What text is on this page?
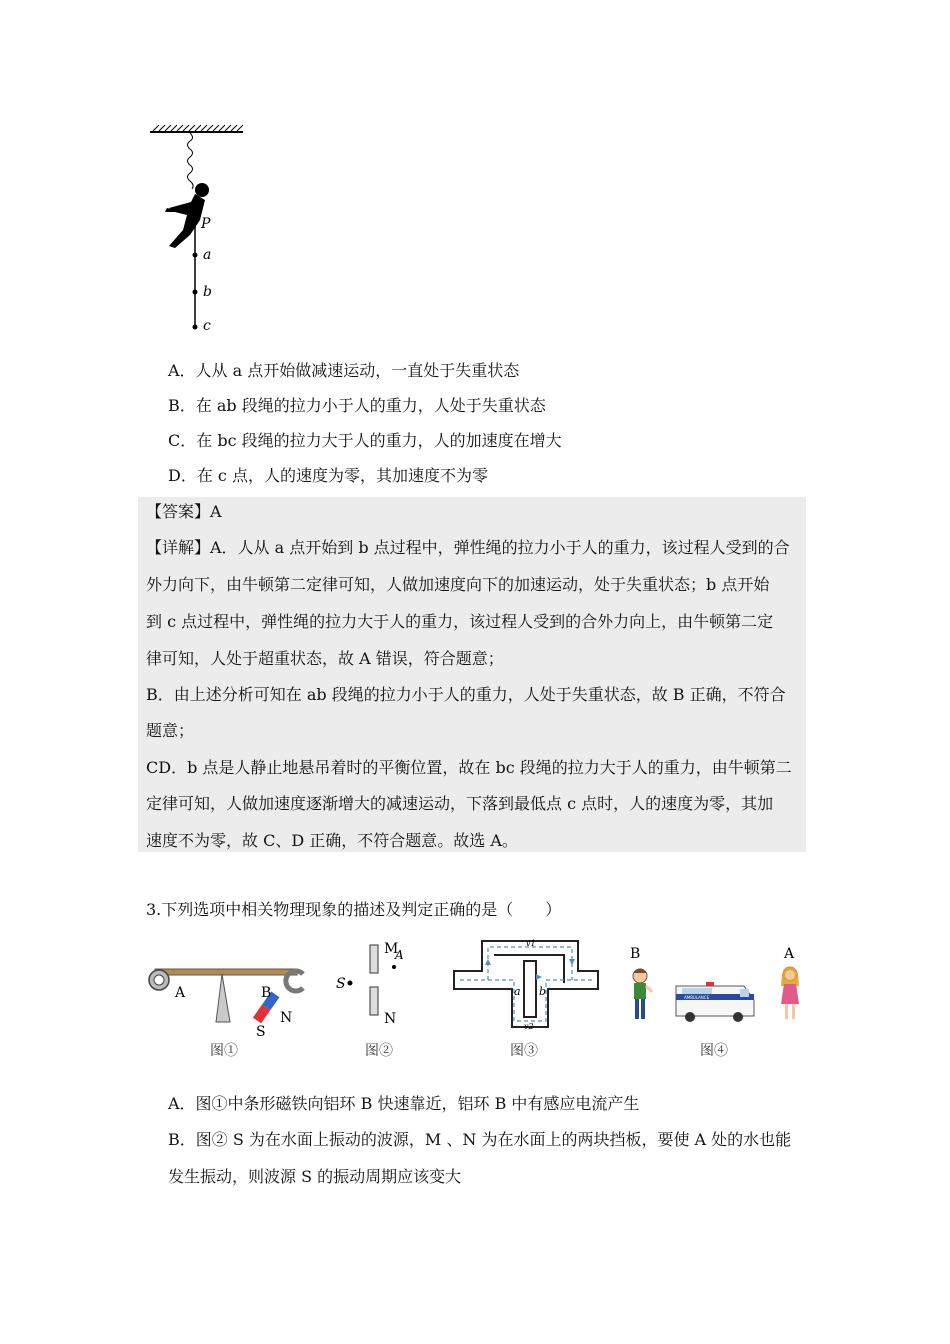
P
a
b
c
A．人从 a 点开始做减速运动，一直处于失重状态
B．在 ab 段绳的拉力小于人的重力，人处于失重状态
C．在 bc 段绳的拉力大于人的重力，人的加速度在增大
D．在 c 点，人的速度为零，其加速度不为零
【答案】A
【详解】A．人从 a 点开始到 b 点过程中，弹性绳的拉力小于人的重力，该过程人受到的合
外力向下，由牛顿第二定律可知，人做加速度向下的加速运动，处于失重状态；b 点开始
到 c 点过程中，弹性绳的拉力大于人的重力，该过程人受到的合外力向上，由牛顿第二定
律可知，人处于超重状态，故 A 错误，符合题意；
B．由上述分析可知在 ab 段绳的拉力小于人的重力，人处于失重状态，故 B 正确，不符合
题意；
CD．b 点是人静止地悬吊着时的平衡位置，故在 bc 段绳的拉力大于人的重力，由牛顿第二
定律可知，人做加速度逐渐增大的减速运动，下落到最低点 c 点时，人的速度为零，其加
速度不为零，故 C、D 正确，不符合题意。故选 A。
3.下列选项中相关物理现象的描述及判定正确的是（　　）
A	B
N
S
图①
S
M
A
N
图②
a b
v1
v2
图③
B	A
AMBULANCE
图④
A．图①中条形磁铁向铝环 B 快速靠近，铝环 B 中有感应电流产生
B．图② S 为在水面上振动的波源，M 、N 为在水面上的两块挡板，要使 A 处的水也能
发生振动，则波源 S 的振动周期应该变大
